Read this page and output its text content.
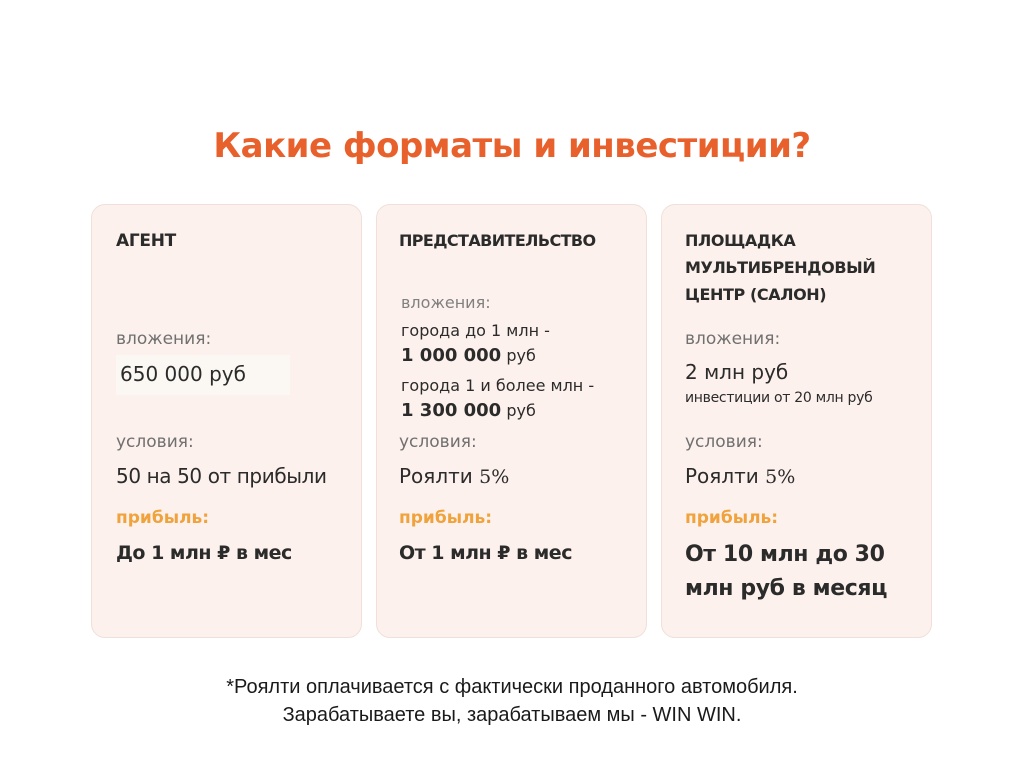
Какие форматы и инвестиции?
АГЕНТ
вложения:
650 000 руб
условия:
50 на 50 от прибыли
прибыль:
До 1 млн ₽ в мес
ПРЕДСТАВИТЕЛЬСТВО
вложения:
города до 1 млн -
1 000 000 руб
города 1 и более млн -
1 300 000 руб
условия:
Роялти 5%
прибыль:
От 1 млн ₽ в мес
ПЛОЩАДКА
МУЛЬТИБРЕНДОВЫЙ
ЦЕНТР (САЛОН)
вложения:
2 млн руб
инвестиции от 20 млн руб
условия:
Роялти 5%
прибыль:
От 10 млн до 30
млн руб в месяц
*Роялти оплачивается с фактически проданного автомобиля.
Зарабатываете вы, зарабатываем мы - WIN WIN.
